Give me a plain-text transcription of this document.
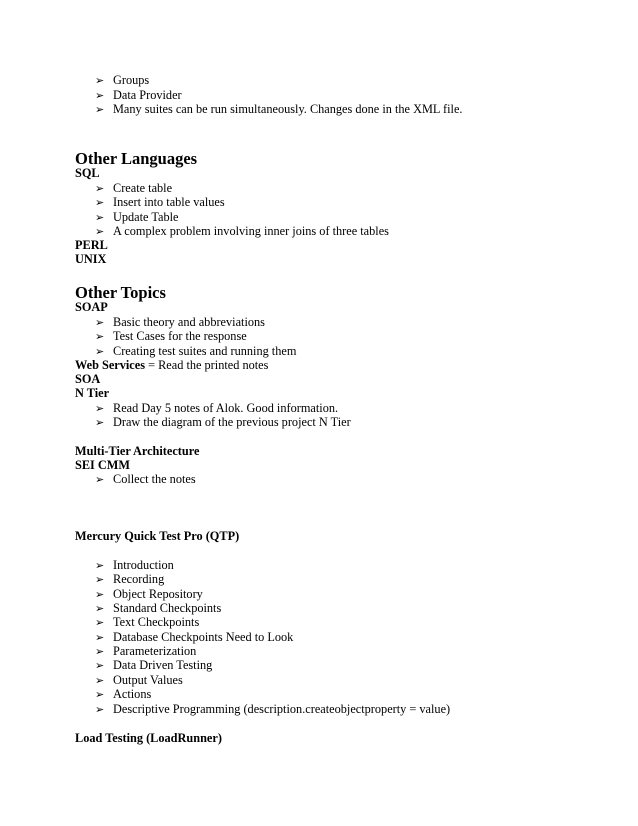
➢ Groups
➢ Data Provider
➢ Many suites can be run simultaneously. Changes done in the XML file.
Other Languages
SQL
➢ Create table
➢ Insert into table values
➢ Update Table
➢ A complex problem involving inner joins of three tables
PERL
UNIX
Other Topics
SOAP
➢ Basic theory and abbreviations
➢ Test Cases for the response
➢ Creating test suites and running them
Web Services = Read the printed notes
SOA
N Tier
➢ Read Day 5 notes of Alok. Good information.
➢ Draw the diagram of the previous project N Tier
Multi-Tier Architecture
SEI CMM
➢ Collect the notes
Mercury Quick Test Pro (QTP)
➢ Introduction
➢ Recording
➢ Object Repository
➢ Standard Checkpoints
➢ Text Checkpoints
➢ Database Checkpoints Need to Look
➢ Parameterization
➢ Data Driven Testing
➢ Output Values
➢ Actions
➢ Descriptive Programming (description.createobjectproperty = value)
Load Testing (LoadRunner)
